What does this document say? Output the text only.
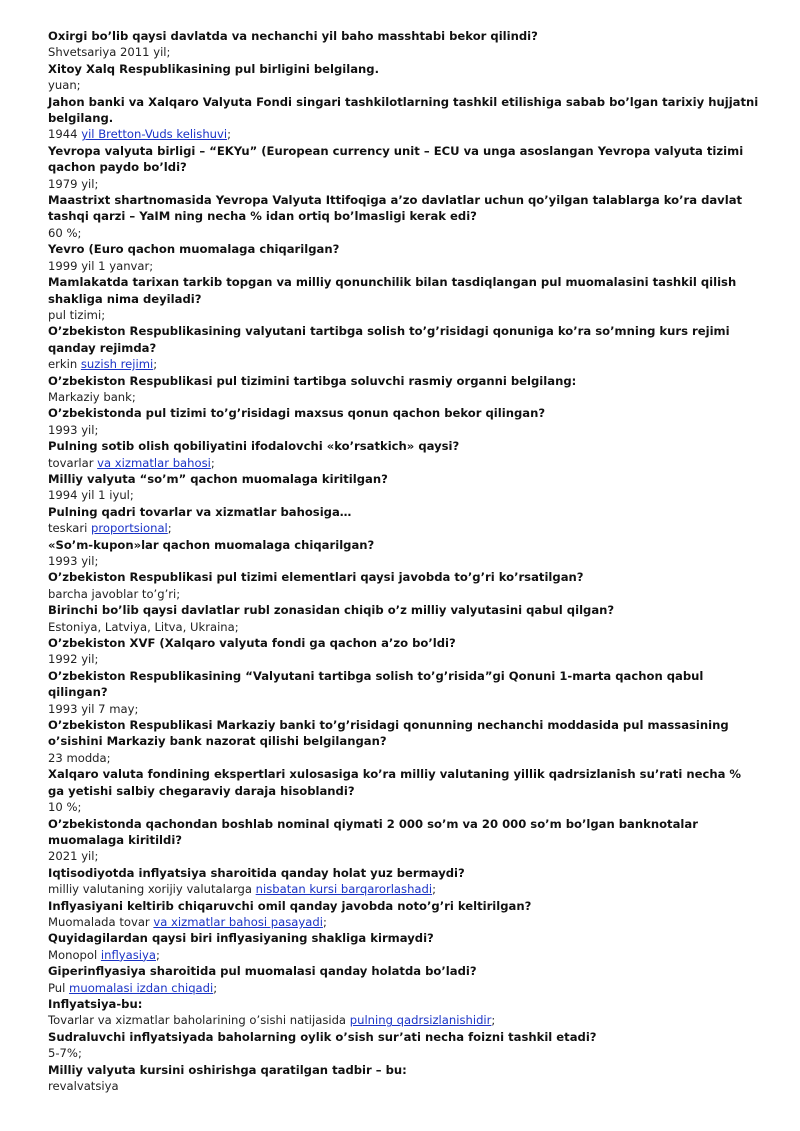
Oxirgi bo’lib qaysi davlatda va nechanchi yil baho masshtabi bekor qilindi?

Shvetsariya 2011 yil;

Xitoy Xalq Respublikasining pul birligini belgilang.

yuan;

Jahon banki va Xalqaro Valyuta Fondi singari tashkilotlarning tashkil etilishiga sabab bo’lgan tarixiy hujjatni belgilang.

1944 yil Bretton-Vuds kelishuvi;

Yevropa valyuta birligi – “EKYu” (European currency unit – ECU va unga asoslangan Yevropa valyuta tizimi qachon paydo bo’ldi?

1979 yil;

Maastrixt shartnomasida Yevropa Valyuta Ittifoqiga a’zo davlatlar uchun qo’yilgan talablarga ko’ra davlat tashqi qarzi – YaIM ning necha % idan ortiq bo’lmasligi kerak edi?

60 %;

Yevro (Euro qachon muomalaga chiqarilgan?

1999 yil 1 yanvar;

Mamlakatda tarixan tarkib topgan va milliy qonunchilik bilan tasdiqlangan pul muomalasini tashkil qilish shakliga nima deyiladi?

pul tizimi;

O’zbekiston Respublikasining valyutani tartibga solish to’g’risidagi qonuniga ko’ra so’mning kurs rejimi qanday rejimda?

erkin suzish rejimi;

O’zbekiston Respublikasi pul tizimini tartibga soluvchi rasmiy organni belgilang:

Markaziy bank;

O’zbekistonda pul tizimi to’g’risidagi maxsus qonun qachon bekor qilingan?

1993 yil;

Pulning sotib olish qobiliyatini ifodalovchi «ko’rsatkich» qaysi?

tovarlar va xizmatlar bahosi;

Milliy valyuta “so’m” qachon muomalaga kiritilgan?

1994 yil 1 iyul;

Pulning qadri tovarlar va xizmatlar bahosiga…

teskari proportsional;

«So’m-kupon»lar qachon muomalaga chiqarilgan?

1993 yil;

O’zbekiston Respublikasi pul tizimi elementlari qaysi javobda to’g’ri ko’rsatilgan?

barcha javoblar to’g’ri;

Birinchi bo’lib qaysi davlatlar rubl zonasidan chiqib o’z milliy valyutasini qabul qilgan?

Estoniya, Latviya, Litva, Ukraina;

O’zbekiston XVF (Xalqaro valyuta fondi ga qachon a’zo bo’ldi?

1992 yil;

O’zbekiston Respublikasining “Valyutani tartibga solish to’g’risida”gi Qonuni 1-marta qachon qabul qilingan?

1993 yil 7 may;

O’zbekiston Respublikasi Markaziy banki to’g’risidagi qonunning nechanchi moddasida pul massasining o’sishini Markaziy bank nazorat qilishi belgilangan?

23 modda;

Xalqaro valuta fondining ekspertlari xulosasiga ko’ra milliy valutaning yillik qadrsizlanish su’rati necha % ga yetishi salbiy chegaraviy daraja hisoblandi?

10 %;

O’zbekistonda qachondan boshlab nominal qiymati 2 000 so’m va 20 000 so’m bo’lgan banknotalar muomalaga kiritildi?

2021 yil;

Iqtisodiyotda inflyatsiya sharoitida qanday holat yuz bermaydi?

milliy valutaning xorijiy valutalarga nisbatan kursi barqarorlashadi;

Inflyasiyani keltirib chiqaruvchi omil qanday javobda noto’g’ri keltirilgan?

Muomalada tovar va xizmatlar bahosi pasayadi;

Quyidagilardan qaysi biri inflyasiyaning shakliga kirmaydi?

Monopol inflyasiya;

Giperinflyasiya sharoitida pul muomalasi qanday holatda bo’ladi?

Pul muomalasi izdan chiqadi;

Inflyatsiya-bu:

Tovarlar va xizmatlar baholarining o’sishi natijasida pulning qadrsizlanishidir;

Sudraluvchi inflyatsiyada baholarning oylik o’sish sur’ati necha foizni tashkil etadi?

5-7%;

Milliy valyuta kursini oshirishga qaratilgan tadbir – bu:

revalvatsiya
